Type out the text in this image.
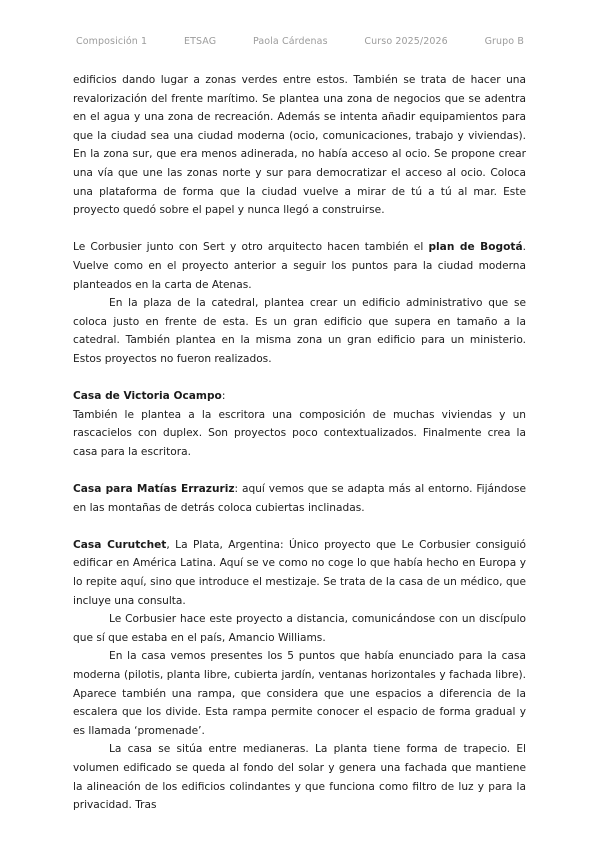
Composición 1	ETSAG	Paola Cárdenas	Curso 2025/2026	Grupo B

edificios dando lugar a zonas verdes entre estos. También se trata de hacer una revalorización del frente marítimo. Se plantea una zona de negocios que se adentra en el agua y una zona de recreación. Además se intenta añadir equipamientos para que la ciudad sea una ciudad moderna (ocio, comunicaciones, trabajo y viviendas). En la zona sur, que era menos adinerada, no había acceso al ocio. Se propone crear una vía que une las zonas norte y sur para democratizar el acceso al ocio. Coloca una plataforma de forma que la ciudad vuelve a mirar de tú a tú al mar. Este proyecto quedó sobre el papel y nunca llegó a construirse.

Le Corbusier junto con Sert y otro arquitecto hacen también el plan de Bogotá. Vuelve como en el proyecto anterior a seguir los puntos para la ciudad moderna planteados en la carta de Atenas.

En la plaza de la catedral, plantea crear un edificio administrativo que se coloca justo en frente de esta. Es un gran edificio que supera en tamaño a la catedral. También plantea en la misma zona un gran edificio para un ministerio. Estos proyectos no fueron realizados.

Casa de Victoria Ocampo:

También le plantea a la escritora una composición de muchas viviendas y un rascacielos con duplex. Son proyectos poco contextualizados. Finalmente crea la casa para la escritora.

Casa para Matías Errazuriz: aquí vemos que se adapta más al entorno. Fijándose en las montañas de detrás coloca cubiertas inclinadas.

Casa Curutchet, La Plata, Argentina: Único proyecto que Le Corbusier consiguió edificar en América Latina. Aquí se ve como no coge lo que había hecho en Europa y lo repite aquí, sino que introduce el mestizaje. Se trata de la casa de un médico, que incluye una consulta.

Le Corbusier hace este proyecto a distancia, comunicándose con un discípulo que sí que estaba en el país, Amancio Williams.

En la casa vemos presentes los 5 puntos que había enunciado para la casa moderna (pilotis, planta libre, cubierta jardín, ventanas horizontales y fachada libre). Aparece también una rampa, que considera que une espacios a diferencia de la escalera que los divide. Esta rampa permite conocer el espacio de forma gradual y es llamada ‘promenade’.

La casa se sitúa entre medianeras. La planta tiene forma de trapecio. El volumen edificado se queda al fondo del solar y genera una fachada que mantiene la alineación de los edificios colindantes y que funciona como filtro de luz y para la privacidad. Tras
